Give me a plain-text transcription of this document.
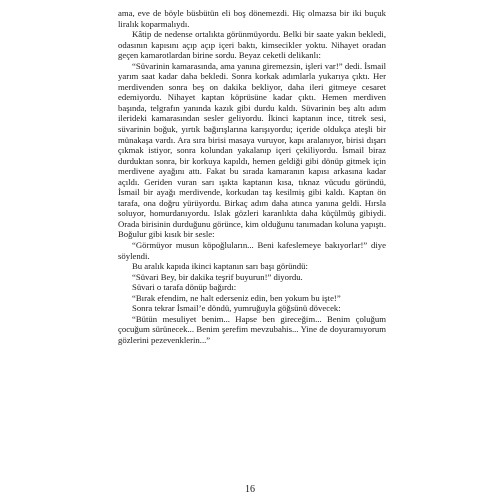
ama, eve de böyle büsbütün eli boş dönemezdi. Hiç olmazsa bir iki buçuk liralık koparmalıydı.

Kâtip de nedense ortalıkta görünmüyordu. Belki bir saate yakın bekledi, odasının kapısını açıp açıp içeri baktı, kimsecikler yoktu. Nihayet oradan geçen kamarotlardan birine sordu. Beyaz ceketli delikanlı:

“Süvarinin kamarasında, ama yanına giremezsin, işleri var!” dedi. İsmail yarım saat kadar daha bekledi. Sonra korkak adımlarla yukarıya çıktı. Her merdivenden sonra beş on dakika bekliyor, daha ileri gitmeye cesaret edemiyordu. Nihayet kaptan köprüsüne kadar çıktı. Hemen merdiven başında, telgrafın yanında kazık gibi durdu kaldı. Süvarinin beş altı adım ilerideki kamarasından sesler geliyordu. İkinci kaptanın ince, titrek sesi, süvarinin boğuk, yırtık bağırışlarına karışıyordu; içeride oldukça ateşli bir münakaşa vardı. Ara sıra birisi masaya vuruyor, kapı aralanıyor, birisi dışarı çıkmak istiyor, sonra kolundan yakalanıp içeri çekiliyordu. İsmail biraz durduktan sonra, bir korkuya kapıldı, hemen geldiği gibi dönüp gitmek için merdivene ayağını attı. Fakat bu sırada kamaranın kapısı arkasına kadar açıldı. Geriden vuran sarı ışıkta kaptanın kısa, tıknaz vücudu göründü, İsmail bir ayağı merdivende, korkudan taş kesilmiş gibi kaldı. Kaptan ön tarafa, ona doğru yürüyordu. Birkaç adım daha atınca yanına geldi. Hırsla soluyor, homurdanıyordu. Islak gözleri karanlıkta daha küçülmüş gibiydi. Orada birisinin durduğunu görünce, kim olduğunu tanımadan koluna yapıştı. Boğulur gibi kısık bir sesle:

“Görmüyor musun köpoğluların... Beni kafeslemeye bakıyorlar!” diye söylendi.

Bu aralık kapıda ikinci kaptanın sarı başı göründü:

“Süvari Bey, bir dakika teşrif buyurun!” diyordu.

Süvari o tarafa dönüp bağırdı:

“Bırak efendim, ne halt ederseniz edin, ben yokum bu işte!”

Sonra tekrar İsmail’e döndü, yumruğuyla göğsünü dövecek:

“Bütün mesuliyet benim... Hapse ben gireceğim... Benim çoluğum çocuğum sürünecek... Benim şerefim mevzubahis... Yine de doyuramıyorum gözlerini pezevenklerin...”

16
